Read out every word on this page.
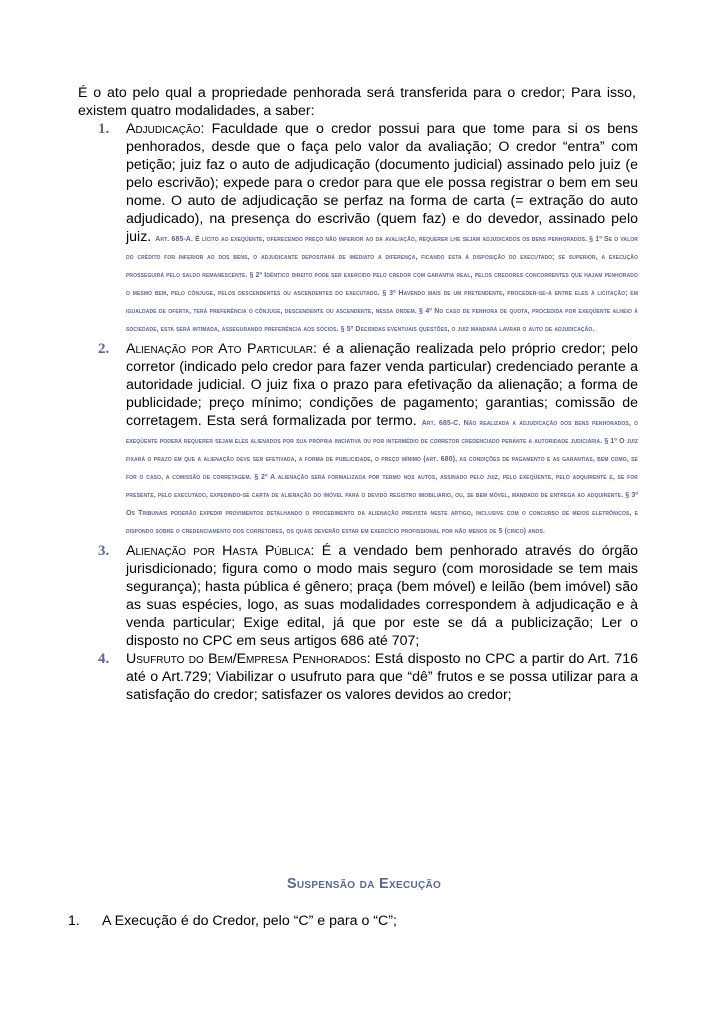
É o ato pelo qual a propriedade penhorada será transferida para o credor; Para isso, existem quatro modalidades, a saber:

1.	Adjudicação: Faculdade que o credor possui para que tome para si os bens penhorados, desde que o faça pelo valor da avaliação; O credor “entra” com petição; juiz faz o auto de adjudicação (documento judicial) assinado pelo juiz (e pelo escrivão); expede para o credor para que ele possa registrar o bem em seu nome. O auto de adjudicação se perfaz na forma de carta (= extração do auto adjudicado), na presença do escrivão (quem faz) e do devedor, assinado pelo juiz. Art. 685-A. É lícito ao exeqüente, oferecendo preço não inferior ao da avaliação, requerer lhe sejam adjudicados os bens penhorados. § 1º Se o valor do crédito for inferior ao dos bens, o adjudicante depositará de imediato a diferença, ficando esta à disposição do executado; se superior, a execução prosseguirá pelo saldo remanescente. § 2º Idêntico direito pode ser exercido pelo credor com garantia real, pelos credores concorrentes que hajam penhorado o mesmo bem, pelo cônjuge, pelos descendentes ou ascendentes do executado. § 3º Havendo mais de um pretendente, proceder-se-á entre eles à licitação; em igualdade de oferta, terá preferência o cônjuge, descendente ou ascendente, nessa ordem. § 4º No caso de penhora de quota, procedida por exeqüente alheio à sociedade, esta será intimada, assegurando preferência aos sócios. § 5º Decididas eventuais questões, o juiz mandará lavrar o auto de adjudicação.
2.	Alienação por Ato Particular: é a alienação realizada pelo próprio credor; pelo corretor (indicado pelo credor para fazer venda particular) credenciado perante a autoridade judicial. O juiz fixa o prazo para efetivação da alienação; a forma de publicidade; preço mínimo; condições de pagamento; garantias; comissão de corretagem. Esta será formalizada por termo. Art. 685-C. Não realizada a adjudicação dos bens penhorados, o exeqüente poderá requerer sejam eles alienados por sua própria iniciativa ou por intermédio de corretor credenciado perante a autoridade judiciária. § 1º O juiz fixará o prazo em que a alienação deve ser efetivada, a forma de publicidade, o preço mínimo (art. 680), as condições de pagamento e as garantias, bem como, se for o caso, a comissão de corretagem. § 2º A alienação será formalizada por termo nos autos, assinado pelo juiz, pelo exeqüente, pelo adquirente e, se for presente, pelo executado, expedindo-se carta de alienação do imóvel para o devido registro imobiliário, ou, se bem móvel, mandado de entrega ao adquirente. § 3º Os Tribunais poderão expedir provimentos detalhando o procedimento da alienação prevista neste artigo, inclusive com o concurso de meios eletrônicos, e dispondo sobre o credenciamento dos corretores, os quais deverão estar em exercício profissional por não menos de 5 (cinco) anos.
3.	Alienação por Hasta Pública: É a vendado bem penhorado através do órgão jurisdicionado; figura como o modo mais seguro (com morosidade se tem mais segurança); hasta pública é gênero; praça (bem móvel) e leilão (bem imóvel) são as suas espécies, logo, as suas modalidades correspondem à adjudicação e à venda particular; Exige edital, já que por este se dá a publicização; Ler o disposto no CPC em seus artigos 686 até 707;
4.	Usufruto do Bem/Empresa Penhorados: Está disposto no CPC a partir do Art. 716 até o Art.729; Viabilizar o usufruto para que “dê” frutos e se possa utilizar para a satisfação do credor; satisfazer os valores devidos ao credor;
Suspensão da Execução
1. A Execução é do Credor, pelo “C” e para o “C”;
